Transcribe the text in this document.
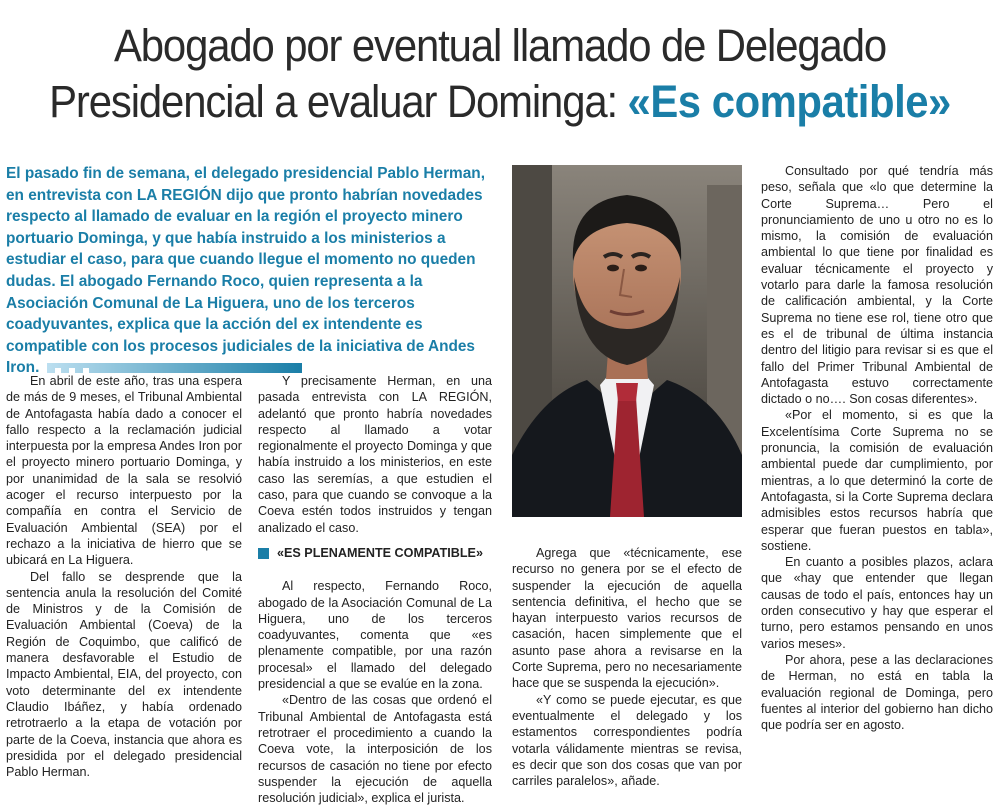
Abogado por eventual llamado de Delegado
Presidencial a evaluar Dominga: «Es compatible»
El pasado fin de semana, el delegado presidencial Pablo Herman, en entrevista con LA REGIÓN dijo que pronto habrían novedades respecto al llamado de evaluar en la región el proyecto minero portuario Dominga, y que había instruido a los ministerios a estudiar el caso, para que cuando llegue el momento no queden dudas. El abogado Fernando Roco, quien representa a la Asociación Comunal de La Higuera, uno de los terceros coadyuvantes, explica que la acción del ex intendente es compatible con los procesos judiciales de la iniciativa de Andes Iron.

En abril de este año, tras una espera de más de 9 meses, el Tribunal Ambiental de Antofagasta había dado a conocer el fallo respecto a la reclamación judicial interpuesta por la empresa Andes Iron por el proyecto minero portuario Dominga, y por unanimidad de la sala se resolvió acoger el recurso interpuesto por la compañía en contra el Servicio de Evaluación Ambiental (SEA) por el rechazo a la iniciativa de hierro que se ubicará en La Higuera.

Del fallo se desprende que la sentencia anula la resolución del Comité de Ministros y de la Comisión de Evaluación Ambiental (Coeva) de la Región de Coquimbo, que calificó de manera desfavorable el Estudio de Impacto Ambiental, EIA, del proyecto, con voto determinante del ex intendente Claudio Ibáñez, y había ordenado retrotraerlo a la etapa de votación por parte de la Coeva, instancia que ahora es presidida por el delegado presidencial Pablo Herman.

Y precisamente Herman, en una pasada entrevista con LA REGIÓN, adelantó que pronto habría novedades respecto al llamado a votar regionalmente el proyecto Dominga y que había instruido a los ministerios, en este caso las seremías, a que estudien el caso, para que cuando se convoque a la Coeva estén todos instruidos y tengan analizado el caso.

«ES PLENAMENTE COMPATIBLE»

Al respecto, Fernando Roco, abogado de la Asociación Comunal de La Higuera, uno de los terceros coadyuvantes, comenta que «es plenamente compatible, por una razón procesal» el llamado del delegado presidencial a que se evalúe en la zona.

«Dentro de las cosas que ordenó el Tribunal Ambiental de Antofagasta está retrotraer el procedimiento a cuando la Coeva vote, la interposición de los recursos de casación no tiene por efecto suspender la ejecución de aquella resolución judicial», explica el jurista.

Agrega que «técnicamente, ese recurso no genera por se el efecto de suspender la ejecución de aquella sentencia definitiva, el hecho que se hayan interpuesto varios recursos de casación, hacen simplemente que el asunto pase ahora a revisarse en la Corte Suprema, pero no necesariamente hace que se suspenda la ejecución».

«Y como se puede ejecutar, es que eventualmente el delegado y los estamentos correspondientes podría votarla válidamente mientras se revisa, es decir que son dos cosas que van por carriles paralelos», añade.

Consultado por qué tendría más peso, señala que «lo que determine la Corte Suprema… Pero el pronunciamiento de uno u otro no es lo mismo, la comisión de evaluación ambiental lo que tiene por finalidad es evaluar técnicamente el proyecto y votarlo para darle la famosa resolución de calificación ambiental, y la Corte Suprema no tiene ese rol, tiene otro que es el de tribunal de última instancia dentro del litigio para revisar si es que el fallo del Primer Tribunal Ambiental de Antofagasta estuvo correctamente dictado o no…. Son cosas diferentes».

«Por el momento, si es que la Excelentísima Corte Suprema no se pronuncia, la comisión de evaluación ambiental puede dar cumplimiento, por mientras, a lo que determinó la corte de Antofagasta, si la Corte Suprema declara admisibles estos recursos habría que esperar que fueran puestos en tabla», sostiene.

En cuanto a posibles plazos, aclara que «hay que entender que llegan causas de todo el país, entonces hay un orden consecutivo y hay que esperar el turno, pero estamos pensando en unos varios meses».

Por ahora, pese a las declaraciones de Herman, no está en tabla la evaluación regional de Dominga, pero fuentes al interior del gobierno han dicho que podría ser en agosto.
